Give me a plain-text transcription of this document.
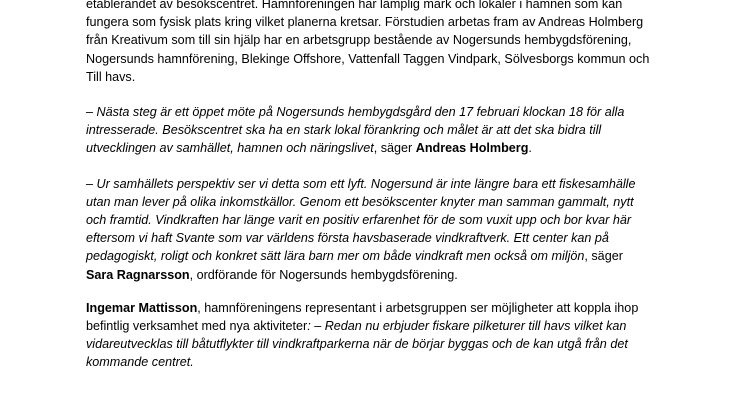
etablerandet av besökscentret. Hamnföreningen har lämplig mark och lokaler i hamnen som kan
fungera som fysisk plats kring vilket planerna kretsar. Förstudien arbetas fram av Andreas Holmberg
från Kreativum som till sin hjälp har en arbetsgrupp bestående av Nogersunds hembygdsförening,
Nogersunds hamnförening, Blekinge Offshore, Vattenfall Taggen Vindpark, Sölvesborgs kommun och
Till havs.

– Nästa steg är ett öppet möte på Nogersunds hembygdsgård den 17 februari klockan 18 för alla
intresserade. Besökscentret ska ha en stark lokal förankring och målet är att det ska bidra till
utvecklingen av samhället, hamnen och näringslivet, säger Andreas Holmberg.

– Ur samhällets perspektiv ser vi detta som ett lyft. Nogersund är inte längre bara ett fiskesamhälle
utan man lever på olika inkomstkällor. Genom ett besökscenter knyter man samman gammalt, nytt
och framtid. Vindkraften har länge varit en positiv erfarenhet för de som vuxit upp och bor kvar här
eftersom vi haft Svante som var världens första havsbaserade vindkraftverk. Ett center kan på
pedagogiskt, roligt och konkret sätt lära barn mer om både vindkraft men också om miljön, säger
Sara Ragnarsson, ordförande för Nogersunds hembygdsförening.

Ingemar Mattisson, hamnföreningens representant i arbetsgruppen ser möjligheter att koppla ihop
befintlig verksamhet med nya aktiviteter: – Redan nu erbjuder fiskare pilketurer till havs vilket kan
vidareutvecklas till båtutflykter till vindkraftparkerna när de börjar byggas och de kan utgå från det
kommande centret.
